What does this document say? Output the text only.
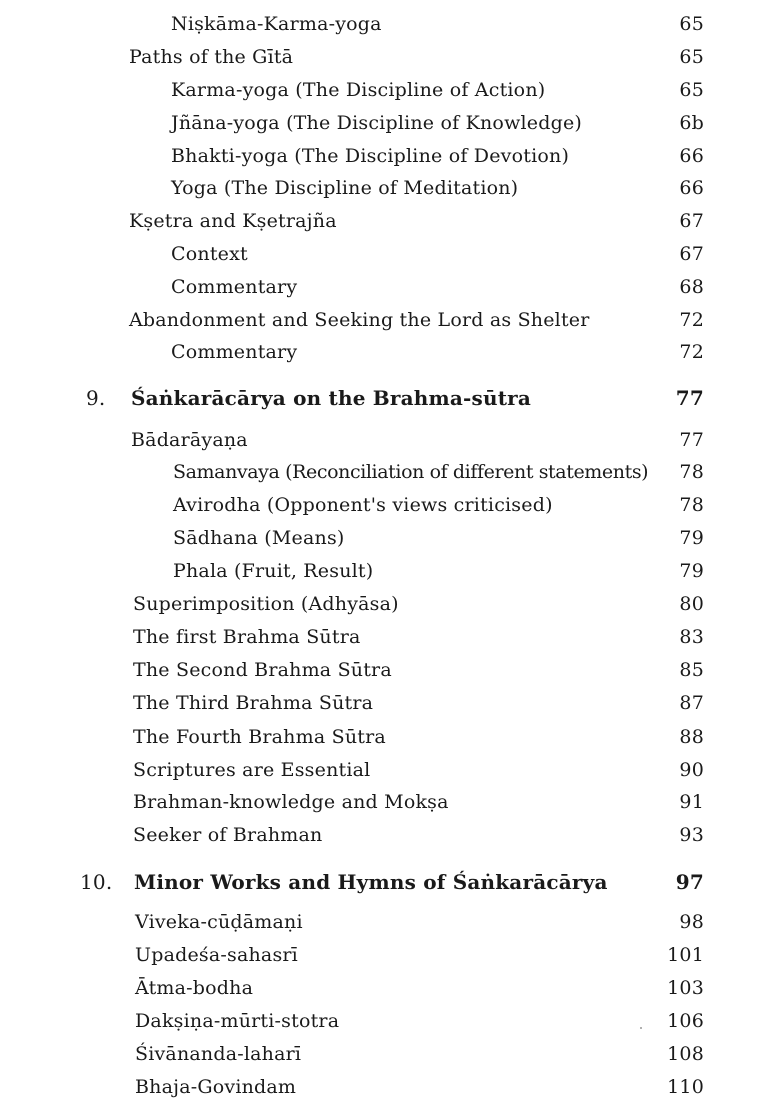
Niṣkāma-Karma-yoga	65
Paths of the Gītā	65
Karma-yoga (The Discipline of Action)	65
Jñāna-yoga (The Discipline of Knowledge)	6b
Bhakti-yoga (The Discipline of Devotion)	66
Yoga (The Discipline of Meditation)	66
Kṣetra and Kṣetrajña	67
Context	67
Commentary	68
Abandonment and Seeking the Lord as Shelter	72
Commentary	72
9. Śaṅkarācārya on the Brahma-sūtra	77
Bādarāyaṇa	77
Samanvaya (Reconciliation of different statements) 78
Avirodha (Opponent's views criticised)	78
Sādhana (Means)	79
Phala (Fruit, Result)	79
Superimposition (Adhyāsa)	80
The first Brahma Sūtra	83
The Second Brahma Sūtra	85
The Third Brahma Sūtra	87
The Fourth Brahma Sūtra	88
Scriptures are Essential	90
Brahman-knowledge and Mokṣa	91
Seeker of Brahman	93
10. Minor Works and Hymns of Śaṅkarācārya	97
Viveka-cūḍāmaṇi	98
Upadeśa-sahasrī	101
Ātma-bodha	103
Dakṣiṇa-mūrti-stotra	106
Śivānanda-laharī	108
Bhaja-Govindam	110
